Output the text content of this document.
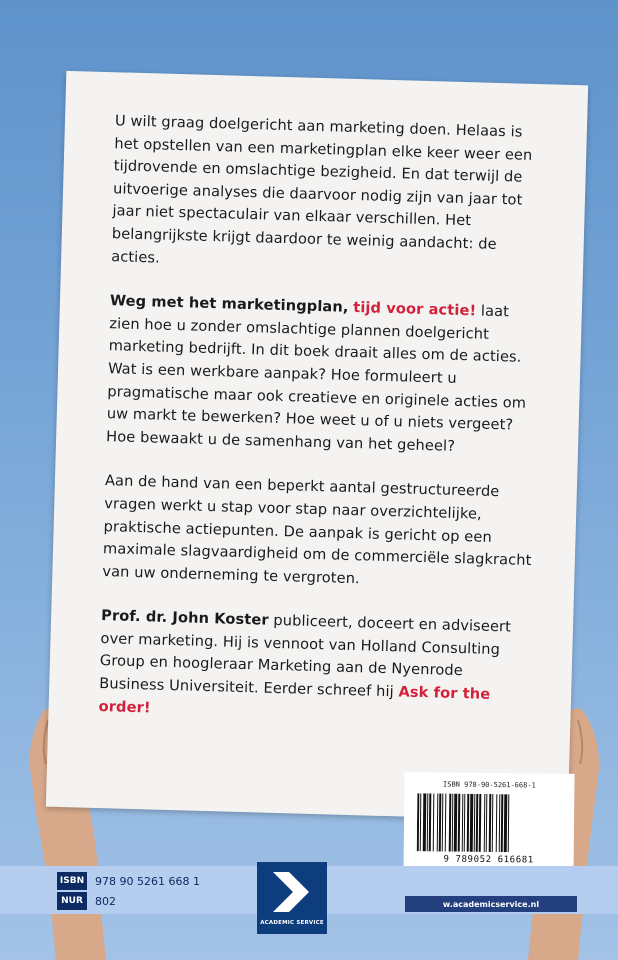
U wilt graag doelgericht aan marketing doen. Helaas is het opstellen van een marketingplan elke keer weer een tijdrovende en omslachtige bezigheid. En dat terwijl de uitvoerige analyses die daarvoor nodig zijn van jaar tot jaar niet spectaculair van elkaar verschillen. Het belangrijkste krijgt daardoor te weinig aandacht: de acties.

Weg met het marketingplan, tijd voor actie! laat zien hoe u zonder omslachtige plannen doelgericht marketing bedrijft. In dit boek draait alles om de acties. Wat is een werkbare aanpak? Hoe formuleert u pragmatische maar ook creatieve en originele acties om uw markt te bewerken? Hoe weet u of u niets vergeet? Hoe bewaakt u de samenhang van het geheel?

Aan de hand van een beperkt aantal gestructureerde vragen werkt u stap voor stap naar overzichtelijke, praktische actiepunten. De aanpak is gericht op een maximale slagvaardigheid om de commerciële slagkracht van uw onderneming te vergroten.

Prof. dr. John Koster publiceert, doceert en adviseert over marketing. Hij is vennoot van Holland Consulting Group en hoogleraar Marketing aan de Nyenrode Business Universiteit. Eerder schreef hij Ask for the order!

ISBN 978-90-5261-668-1
9 789052 616681
ISBN 978 90 5261 668 1
NUR	802
ACADEMIC SERVICE
w.academicservice.nl
